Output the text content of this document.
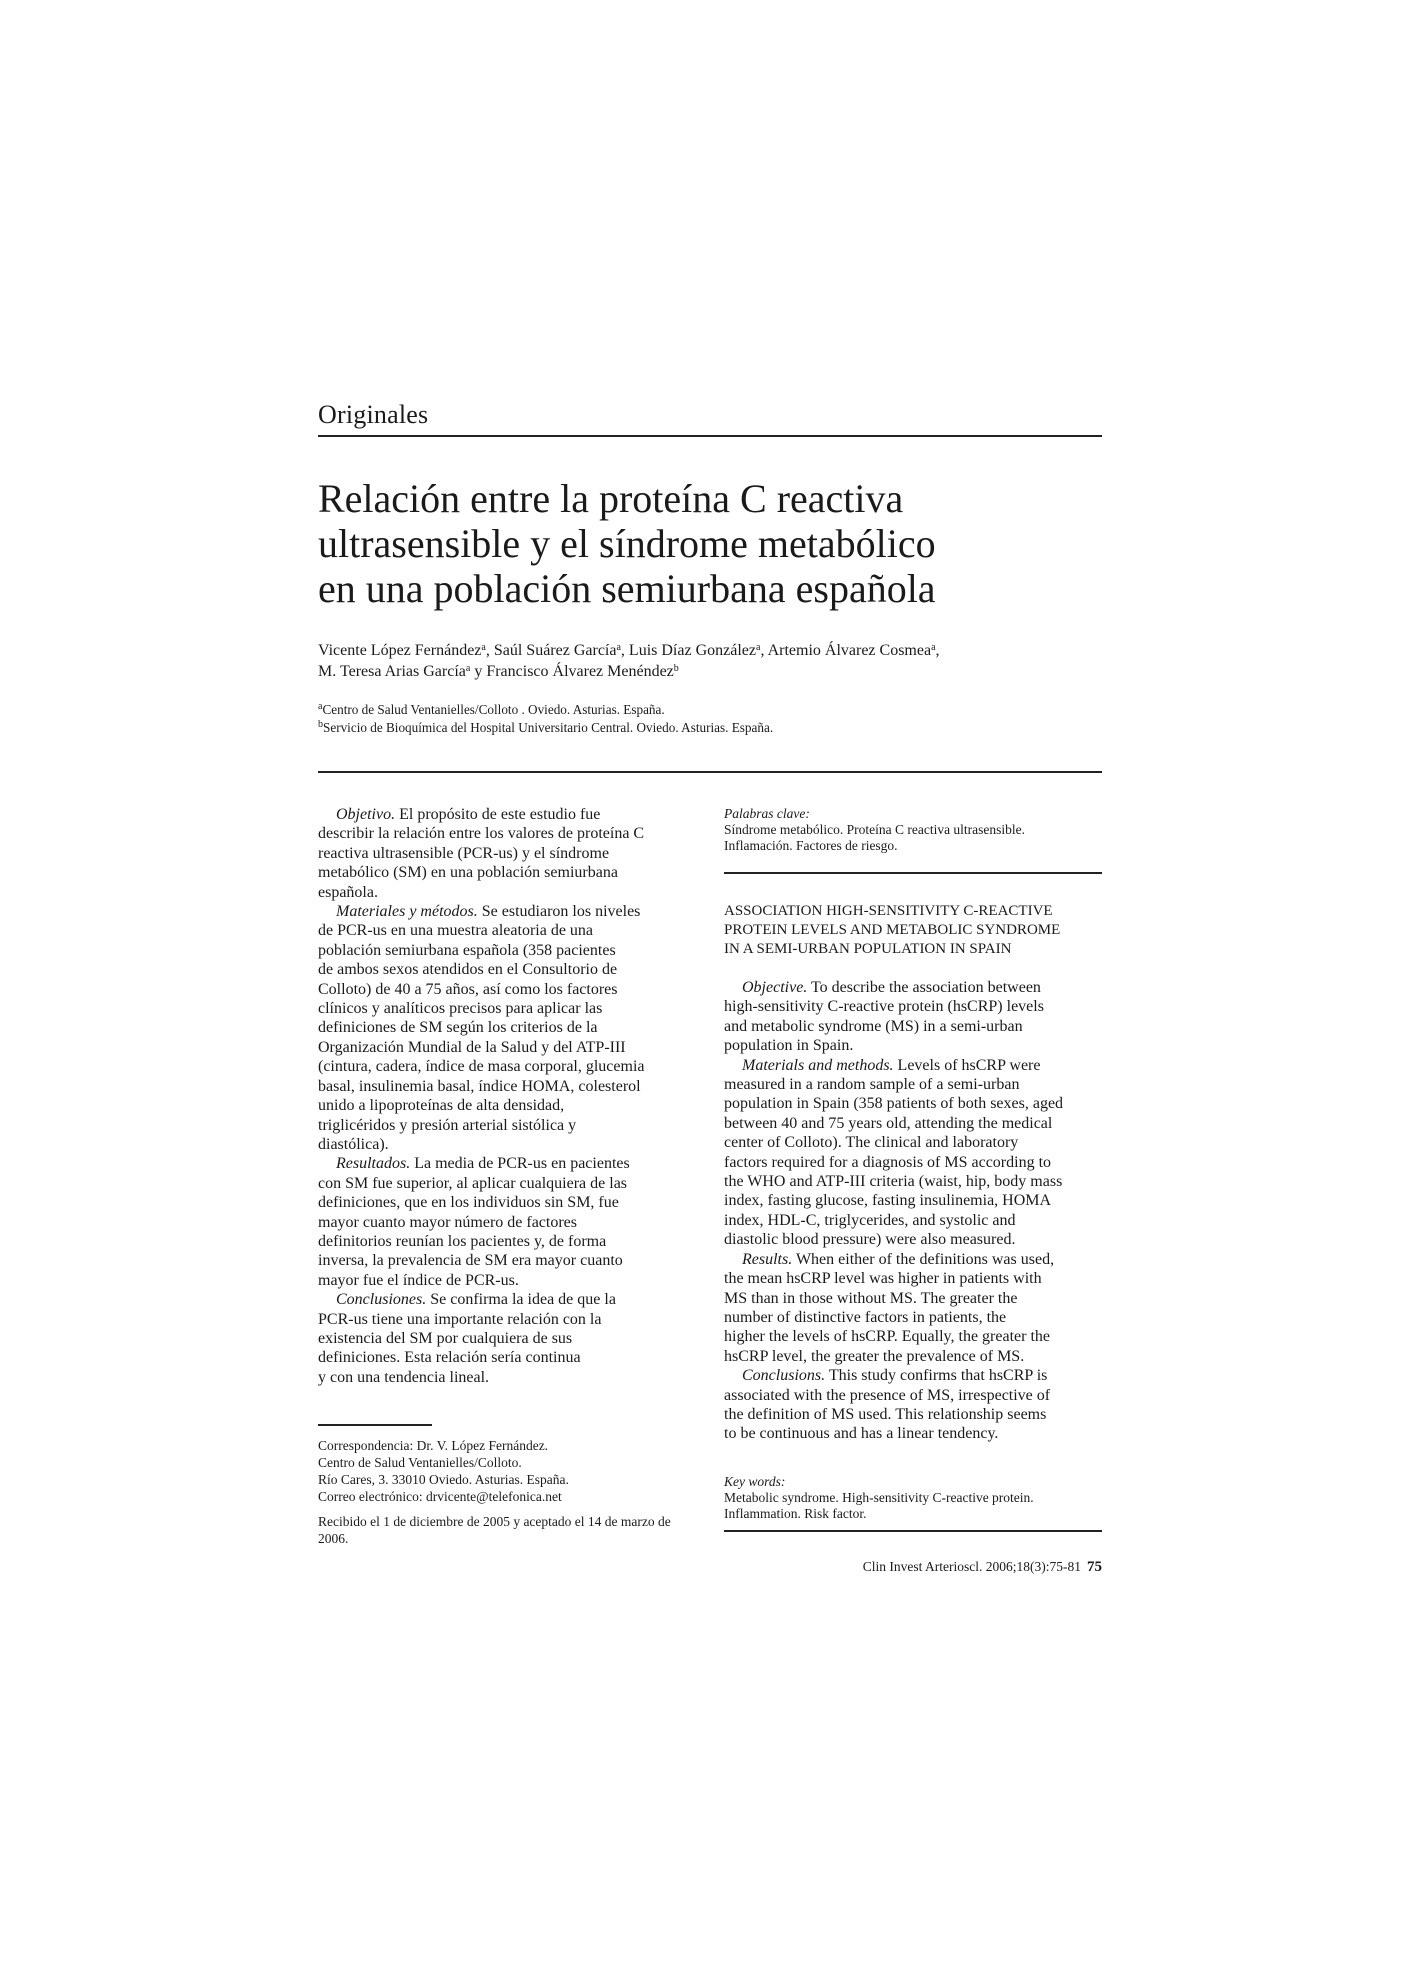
Originales
Relación entre la proteína C reactiva
ultrasensible y el síndrome metabólico
en una población semiurbana española
Vicente López Fernández$^a$, Saúl Suárez García$^a$, Luis Díaz González$^a$, Artemio Álvarez Cosmea$^a$,
M. Teresa Arias García$^a$ y Francisco Álvarez Menéndez$^b$
$^a$Centro de Salud Ventanielles/Colloto . Oviedo. Asturias. España.
$^b$Servicio de Bioquímica del Hospital Universitario Central. Oviedo. Asturias. España.
Objetivo. El propósito de este estudio fue
describir la relación entre los valores de proteína C
reactiva ultrasensible (PCR-us) y el síndrome
metabólico (SM) en una población semiurbana
española.
Materiales y métodos. Se estudiaron los niveles
de PCR-us en una muestra aleatoria de una
población semiurbana española (358 pacientes
de ambos sexos atendidos en el Consultorio de
Colloto) de 40 a 75 años, así como los factores
clínicos y analíticos precisos para aplicar las
definiciones de SM según los criterios de la
Organización Mundial de la Salud y del ATP-III
(cintura, cadera, índice de masa corporal, glucemia
basal, insulinemia basal, índice HOMA, colesterol
unido a lipoproteínas de alta densidad,
triglicéridos y presión arterial sistólica y
diastólica).
Resultados. La media de PCR-us en pacientes
con SM fue superior, al aplicar cualquiera de las
definiciones, que en los individuos sin SM, fue
mayor cuanto mayor número de factores
definitorios reunían los pacientes y, de forma
inversa, la prevalencia de SM era mayor cuanto
mayor fue el índice de PCR-us.
Conclusiones. Se confirma la idea de que la
PCR-us tiene una importante relación con la
existencia del SM por cualquiera de sus
definiciones. Esta relación sería continua
y con una tendencia lineal.
Correspondencia: Dr. V. López Fernández.
Centro de Salud Ventanielles/Colloto.
Río Cares, 3. 33010 Oviedo. Asturias. España.
Correo electrónico: drvicente@telefonica.net
Recibido el 1 de diciembre de 2005 y aceptado el 14 de marzo de 2006.
Palabras clave:
Síndrome metabólico. Proteína C reactiva ultrasensible.
Inflamación. Factores de riesgo.
ASSOCIATION HIGH-SENSITIVITY C-REACTIVE
PROTEIN LEVELS AND METABOLIC SYNDROME
IN A SEMI-URBAN POPULATION IN SPAIN
Objective. To describe the association between
high-sensitivity C-reactive protein (hsCRP) levels
and metabolic syndrome (MS) in a semi-urban
population in Spain.
Materials and methods. Levels of hsCRP were
measured in a random sample of a semi-urban
population in Spain (358 patients of both sexes, aged
between 40 and 75 years old, attending the medical
center of Colloto). The clinical and laboratory
factors required for a diagnosis of MS according to
the WHO and ATP-III criteria (waist, hip, body mass
index, fasting glucose, fasting insulinemia, HOMA
index, HDL-C, triglycerides, and systolic and
diastolic blood pressure) were also measured.
Results. When either of the definitions was used,
the mean hsCRP level was higher in patients with
MS than in those without MS. The greater the
number of distinctive factors in patients, the
higher the levels of hsCRP. Equally, the greater the
hsCRP level, the greater the prevalence of MS.
Conclusions. This study confirms that hsCRP is
associated with the presence of MS, irrespective of
the definition of MS used. This relationship seems
to be continuous and has a linear tendency.
Key words:
Metabolic syndrome. High-sensitivity C-reactive protein.
Inflammation. Risk factor.
Clin Invest Arterioscl. 2006;18(3):75-81 75
